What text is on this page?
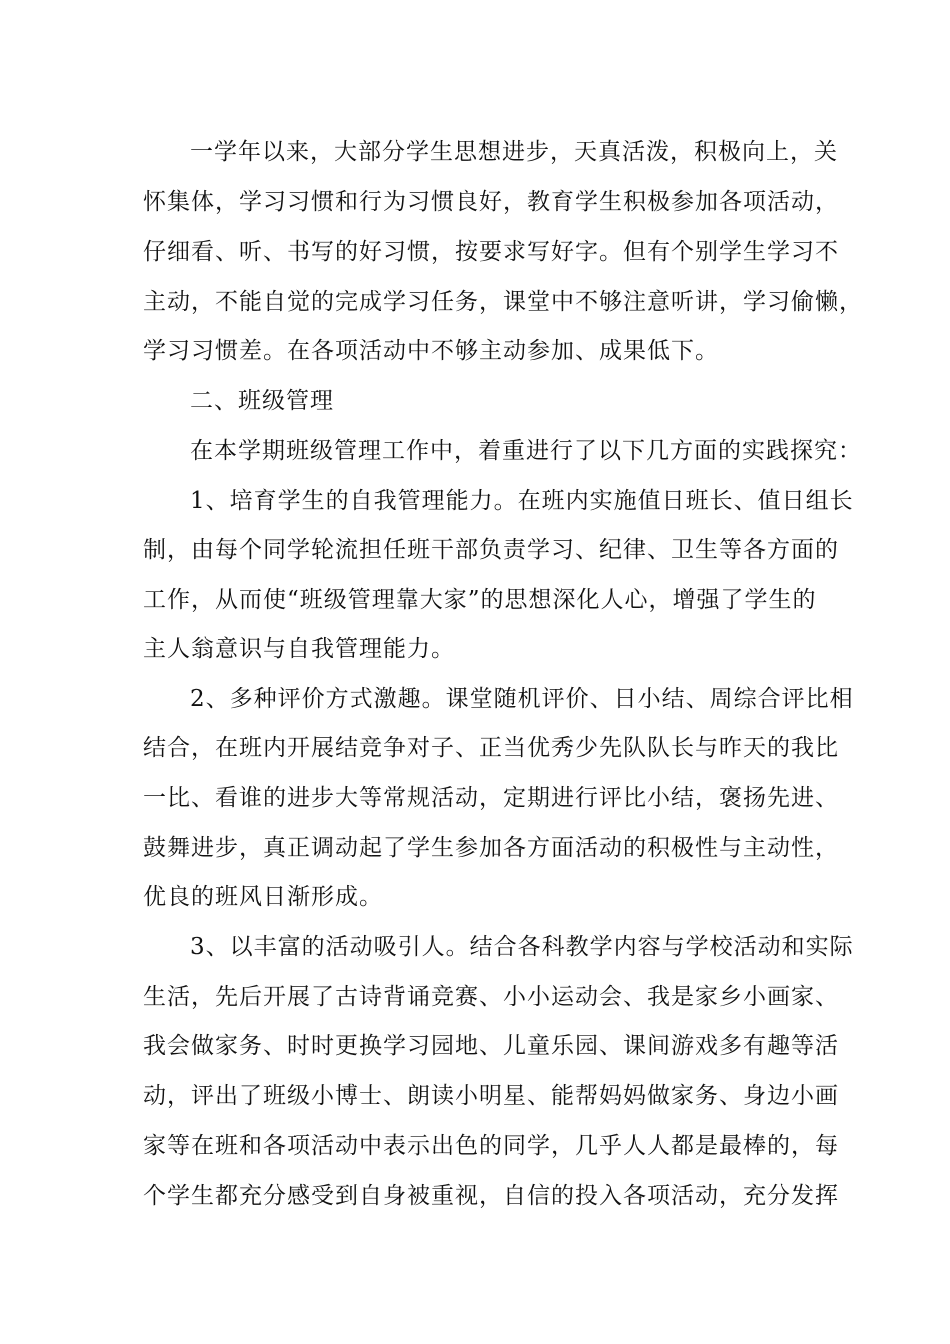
一学年以来，大部分学生思想进步，天真活泼，积极向上，关
怀集体，学习习惯和行为习惯良好，教育学生积极参加各项活动，
仔细看、听、书写的好习惯，按要求写好字。但有个别学生学习不
主动，不能自觉的完成学习任务，课堂中不够注意听讲，学习偷懒，
学习习惯差。在各项活动中不够主动参加、成果低下。
二、班级管理
在本学期班级管理工作中，着重进行了以下几方面的实践探究：
1、培育学生的自我管理能力。在班内实施值日班长、值日组长
制，由每个同学轮流担任班干部负责学习、纪律、卫生等各方面的
工作，从而使“班级管理靠大家”的思想深化人心，增强了学生的
主人翁意识与自我管理能力。
2、多种评价方式激趣。课堂随机评价、日小结、周综合评比相
结合，在班内开展结竞争对子、正当优秀少先队队长与昨天的我比
一比、看谁的进步大等常规活动，定期进行评比小结，褒扬先进、
鼓舞进步，真正调动起了学生参加各方面活动的积极性与主动性，
优良的班风日渐形成。
3、以丰富的活动吸引人。结合各科教学内容与学校活动和实际
生活，先后开展了古诗背诵竞赛、小小运动会、我是家乡小画家、
我会做家务、时时更换学习园地、儿童乐园、课间游戏多有趣等活
动，评出了班级小博士、朗读小明星、能帮妈妈做家务、身边小画
家等在班和各项活动中表示出色的同学，几乎人人都是最棒的，每
个学生都充分感受到自身被重视，自信的投入各项活动，充分发挥
